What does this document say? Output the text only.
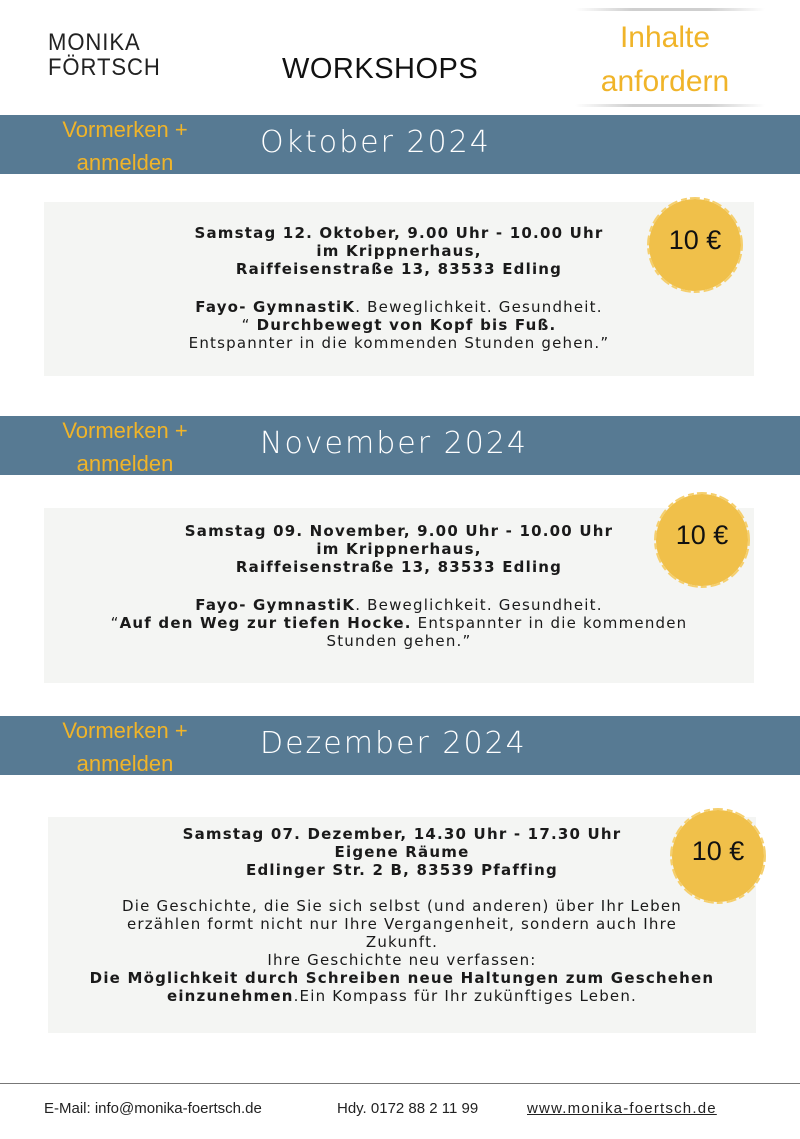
MONIKA
FÖRTSCH	WORKSHOPS
Inhalte
anfordern
Vormerken +
anmelden
Oktober 2024
Samstag 12. Oktober, 9.00 Uhr - 10.00 Uhr
im Krippnerhaus,
Raiffeisenstraße 13, 83533 Edling
Fayo- GymnastiK. Beweglichkeit. Gesundheit.
“ Durchbewegt von Kopf bis Fuß.
Entspannter in die kommenden Stunden gehen.”
10 €
Vormerken +
anmelden
November 2024
Samstag 09. November, 9.00 Uhr - 10.00 Uhr
im Krippnerhaus,
Raiffeisenstraße 13, 83533 Edling
Fayo- GymnastiK. Beweglichkeit. Gesundheit.
“Auf den Weg zur tiefen Hocke. Entspannter in die kommenden
Stunden gehen.”
10 €
Vormerken +
anmelden
Dezember 2024
Samstag 07. Dezember, 14.30 Uhr - 17.30 Uhr
Eigene Räume
Edlinger Str. 2 B, 83539 Pfaffing
Die Geschichte, die Sie sich selbst (und anderen) über Ihr Leben
erzählen formt nicht nur Ihre Vergangenheit, sondern auch Ihre
Zukunft.
Ihre Geschichte neu verfassen:
Die Möglichkeit durch Schreiben neue Haltungen zum Geschehen
einzunehmen.Ein Kompass für Ihr zukünftiges Leben.
10 €
E-Mail: info@monika-foertsch.de	Hdy. 0172 88 2 11 99	www.monika-foertsch.de
